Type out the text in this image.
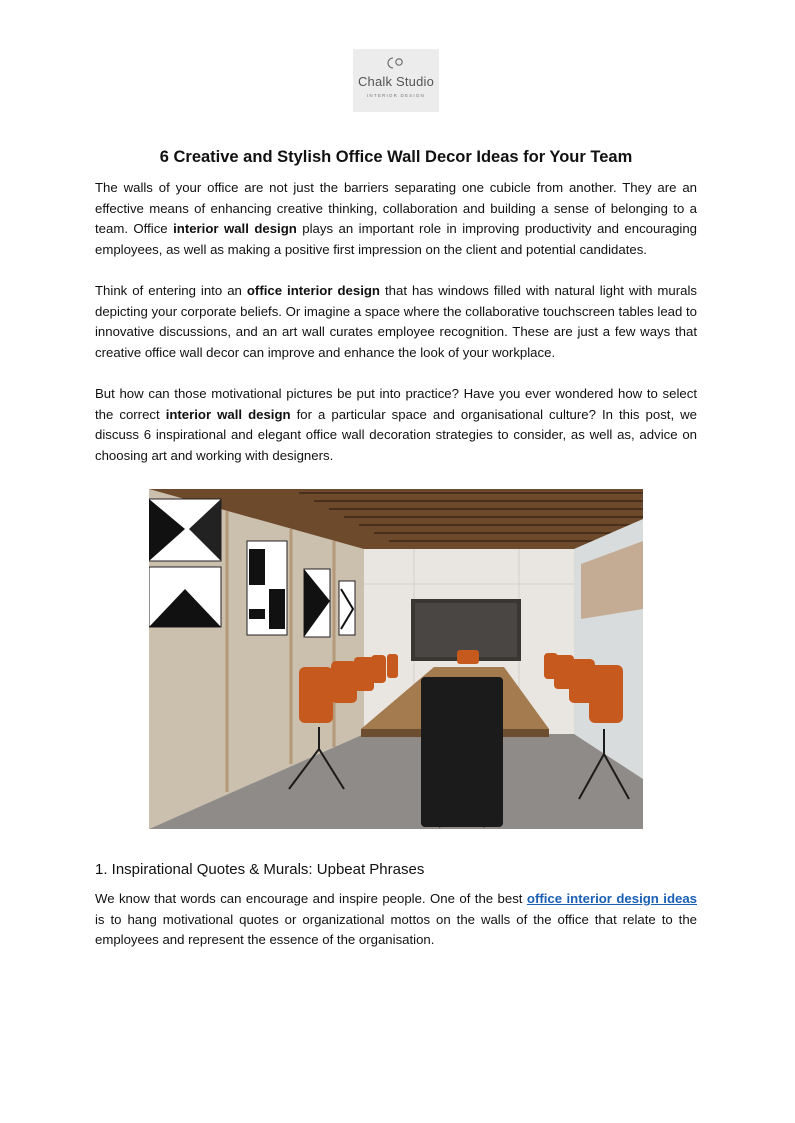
Chalk Studio
INTERIOR DESIGN
6 Creative and Stylish Office Wall Decor Ideas for Your Team

The walls of your office are not just the barriers separating one cubicle from another. They are an effective means of enhancing creative thinking, collaboration and building a sense of belonging to a team. Office interior wall design plays an important role in improving productivity and encouraging employees, as well as making a positive first impression on the client and potential candidates.

Think of entering into an office interior design that has windows filled with natural light with murals depicting your corporate beliefs. Or imagine a space where the collaborative touchscreen tables lead to innovative discussions, and an art wall curates employee recognition. These are just a few ways that creative office wall decor can improve and enhance the look of your workplace.

But how can those motivational pictures be put into practice? Have you ever wondered how to select the correct interior wall design for a particular space and organisational culture? In this post, we discuss 6 inspirational and elegant office wall decoration strategies to consider, as well as, advice on choosing art and working with designers.

1. Inspirational Quotes & Murals: Upbeat Phrases

We know that words can encourage and inspire people. One of the best office interior design ideas is to hang motivational quotes or organizational mottos on the walls of the office that relate to the employees and represent the essence of the organisation.
